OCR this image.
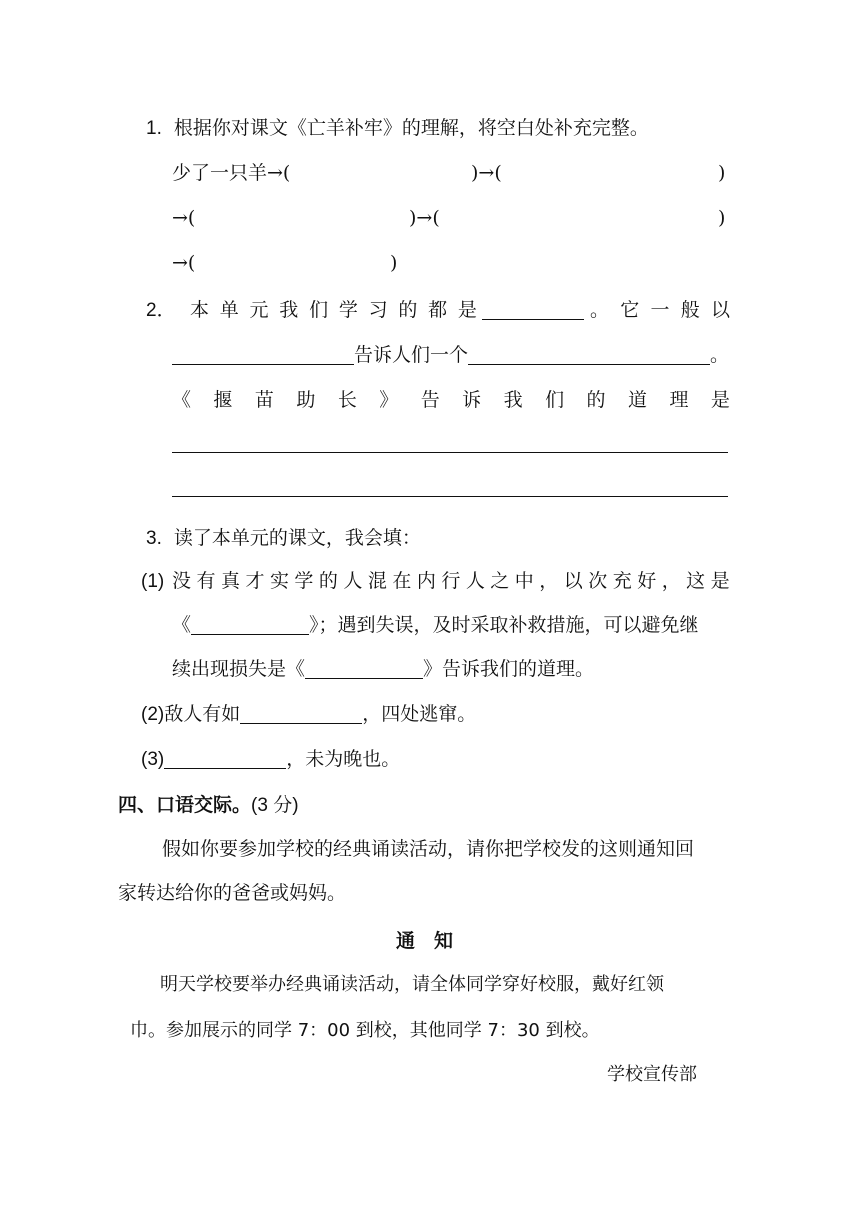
1. 根据你对课文《亡羊补牢》的理解，将空白处补充完整。
少了一只羊→(	)→(	)
→(	)→(	)
→(	)
2． 本 单 元 我 们 学 习 的 都 是	。 它 一 般 以
告诉人们一个	。
《 揠 苗 助 长 》 告 诉 我 们 的 道 理 是
3. 读了本单元的课文，我会填：
(1) 没 有 真 才 实 学 的 人 混 在 内 行 人 之 中 ， 以 次 充 好 ， 这 是
《	》；遇到失误，及时采取补救措施，可以避免继
续出现损失是《	》告诉我们的道理。
(2)敌人有如	，四处逃窜。
(3)	，未为晚也。
四、口语交际。(3 分)
假如你要参加学校的经典诵读活动，请你把学校发的这则通知回
家转达给你的爸爸或妈妈。
通　知
明天学校要举办经典诵读活动，请全体同学穿好校服，戴好红领
巾。参加展示的同学 7：00 到校，其他同学 7：30 到校。
学校宣传部
